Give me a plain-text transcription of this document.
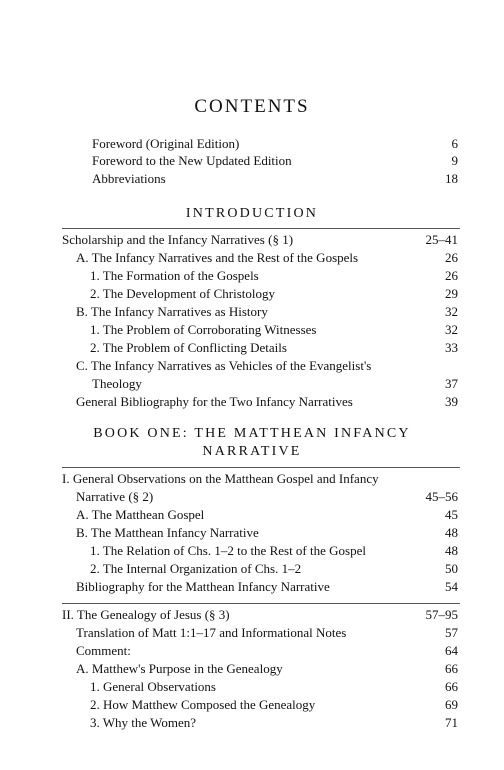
CONTENTS
Foreword (Original Edition)	6
Foreword to the New Updated Edition	9
Abbreviations	18
INTRODUCTION
Scholarship and the Infancy Narratives (§ 1)	25–41
A. The Infancy Narratives and the Rest of the Gospels	26
1. The Formation of the Gospels	26
2. The Development of Christology	29
B. The Infancy Narratives as History	32
1. The Problem of Corroborating Witnesses	32
2. The Problem of Conflicting Details	33
C. The Infancy Narratives as Vehicles of the Evangelist's
Theology	37
General Bibliography for the Two Infancy Narratives	39
BOOK ONE: THE MATTHEAN INFANCY
NARRATIVE
I. General Observations on the Matthean Gospel and Infancy
Narrative (§ 2)	45–56
A. The Matthean Gospel	45
B. The Matthean Infancy Narrative	48
1. The Relation of Chs. 1–2 to the Rest of the Gospel	48
2. The Internal Organization of Chs. 1–2	50
Bibliography for the Matthean Infancy Narrative	54
II. The Genealogy of Jesus (§ 3)	57–95
Translation of Matt 1:1–17 and Informational Notes	57
Comment:	64
A. Matthew's Purpose in the Genealogy	66
1. General Observations	66
2. How Matthew Composed the Genealogy	69
3. Why the Women?	71
